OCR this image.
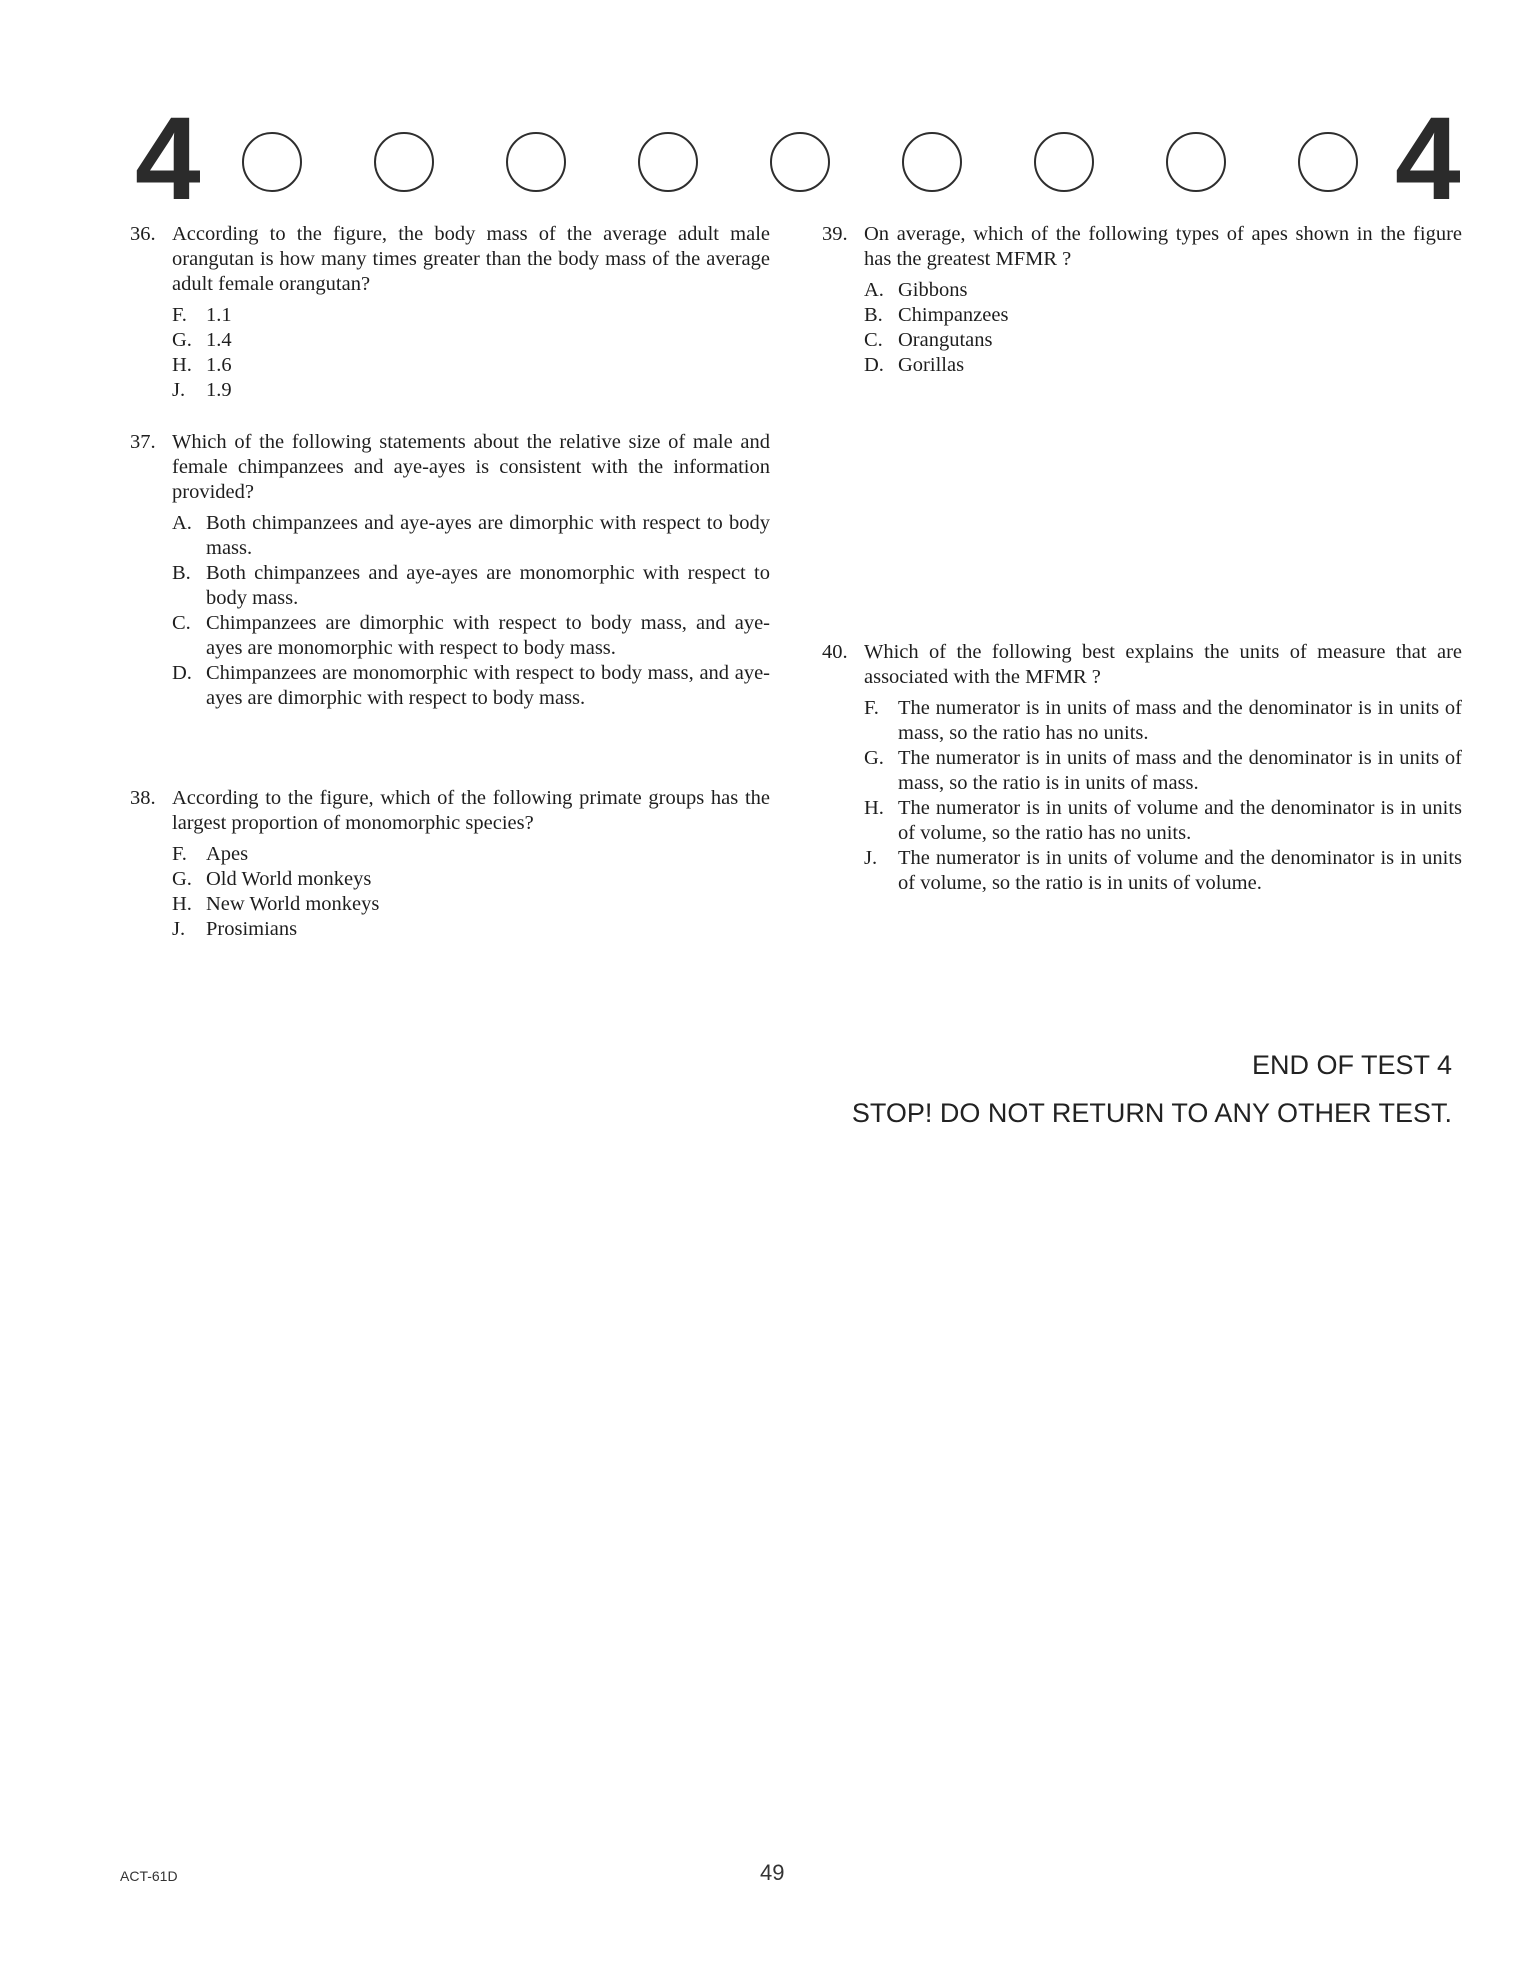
4	4
36. According to the figure, the body mass of the average adult male orangutan is how many times greater than the body mass of the average adult female orangutan?
F. 1.1
G. 1.4
H. 1.6
J.	1.9
37. Which of the following statements about the relative size of male and female chimpanzees and aye-ayes is consistent with the information provided?
A. Both chimpanzees and aye-ayes are dimorphic with respect to body mass.
B. Both chimpanzees and aye-ayes are monomorphic with respect to body mass.
C. Chimpanzees are dimorphic with respect to body mass, and aye-ayes are monomorphic with respect to body mass.
D. Chimpanzees are monomorphic with respect to body mass, and aye-ayes are dimorphic with respect to body mass.
38. According to the figure, which of the following primate groups has the largest proportion of monomorphic species?
F. Apes
G. Old World monkeys
H. New World monkeys
J.	Prosimians
39. On average, which of the following types of apes shown in the figure has the greatest MFMR ?
A. Gibbons
B. Chimpanzees
C. Orangutans
D. Gorillas
40. Which of the following best explains the units of measure that are associated with the MFMR ?
F. The numerator is in units of mass and the denominator is in units of mass, so the ratio has no units.
G. The numerator is in units of mass and the denominator is in units of mass, so the ratio is in units of mass.
H. The numerator is in units of volume and the denominator is in units of volume, so the ratio has no units.
J.	The numerator is in units of volume and the denominator is in units of volume, so the ratio is in units of volume.
END OF TEST 4
STOP! DO NOT RETURN TO ANY OTHER TEST.
ACT-61D	49
